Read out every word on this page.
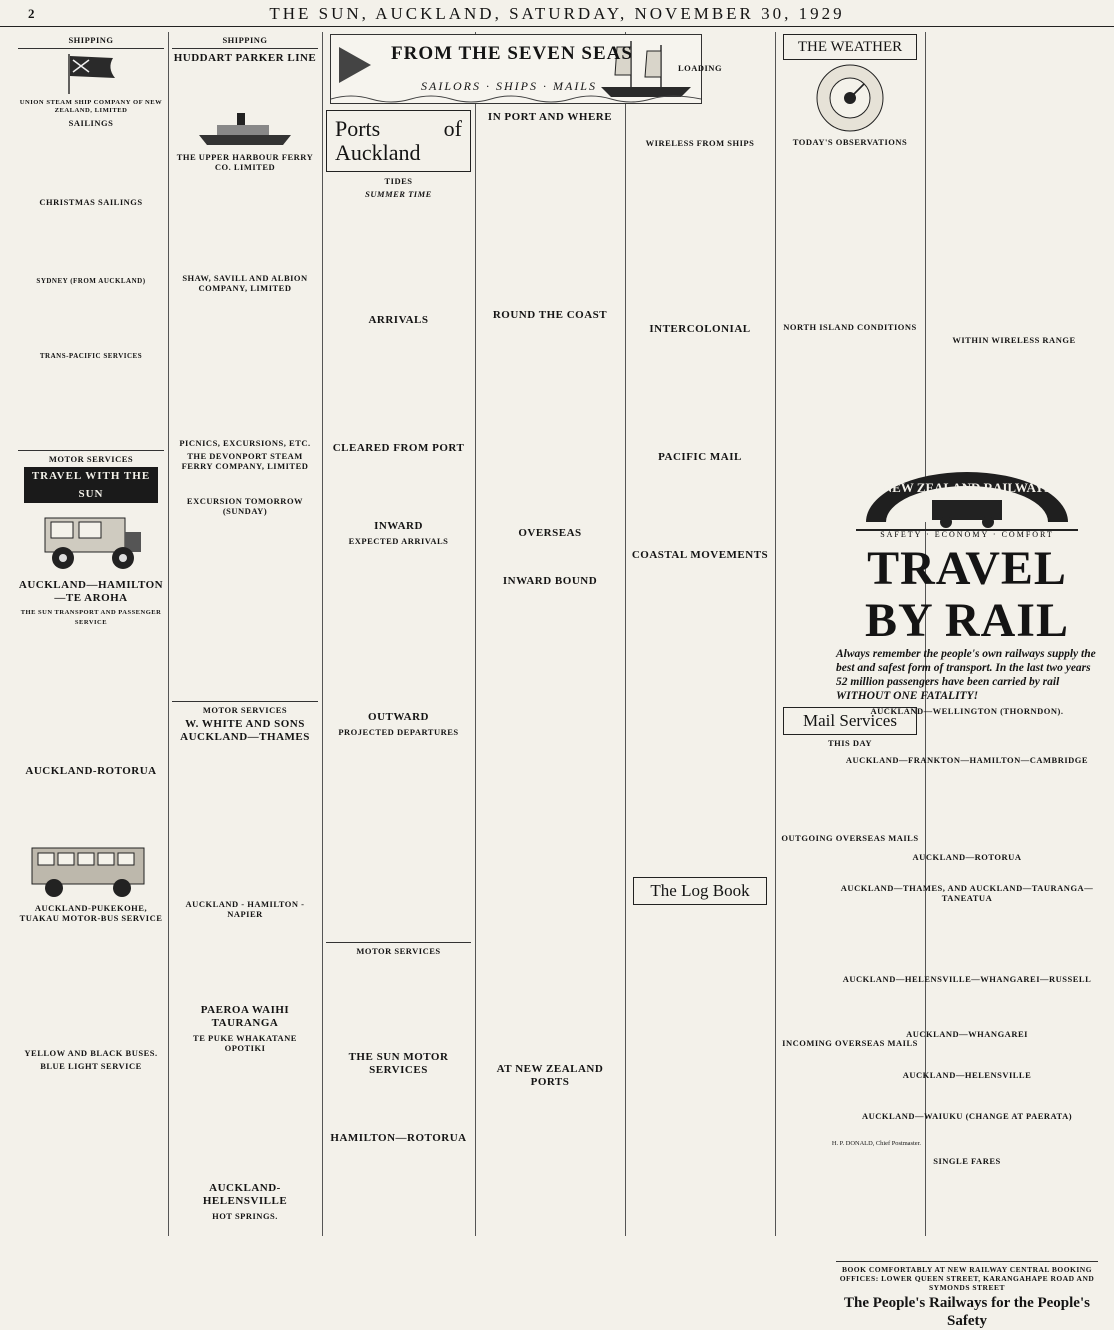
2	THE SUN, AUCKLAND, SATURDAY, NOVEMBER 30, 1929
SHIPPING
UNION STEAM SHIP COMPANY OF NEW ZEALAND, LIMITED
SAILINGS
CHRISTMAS SAILINGS
SYDNEY (FROM AUCKLAND)
TRANS-PACIFIC SERVICES
MOTOR SERVICES
TRAVEL WITH THE SUN
AUCKLAND—HAMILTON—TE AROHA
THE SUN TRANSPORT AND PASSENGER SERVICE
AUCKLAND-ROTORUA
AUCKLAND-PUKEKOHE, TUAKAU MOTOR-BUS SERVICE
YELLOW AND BLACK BUSES.
BLUE LIGHT SERVICE
SHIPPING
HUDDART PARKER LINE
THE UPPER HARBOUR FERRY CO. LIMITED
SHAW, SAVILL AND ALBION COMPANY, LIMITED
PICNICS, EXCURSIONS, ETC.
THE DEVONPORT STEAM FERRY COMPANY, LIMITED
EXCURSION TOMORROW (SUNDAY)
MOTOR SERVICES
W. WHITE AND SONS AUCKLAND—THAMES
AUCKLAND - HAMILTON - NAPIER
PAEROA WAIHI TAURANGA
TE PUKE WHAKATANE OPOTIKI
AUCKLAND-HELENSVILLE
HOT SPRINGS.
FROM THE SEVEN SEAS
SAILORS · SHIPS · MAILS
Ports of Auckland
TIDES
SUMMER TIME
ARRIVALS
CLEARED FROM PORT
INWARD
EXPECTED ARRIVALS
OUTWARD
PROJECTED DEPARTURES
MOTOR SERVICES
THE SUN MOTOR SERVICES
HAMILTON—ROTORUA
IN PORT AND WHERE
ROUND THE COAST
OVERSEAS
INWARD BOUND
AT NEW ZEALAND PORTS
LOADING
WIRELESS FROM SHIPS
INTERCOLONIAL
PACIFIC MAIL
COASTAL MOVEMENTS
The Log Book
THE WEATHER
TODAY'S OBSERVATIONS
NORTH ISLAND CONDITIONS
Mail Services
THIS DAY
OUTGOING OVERSEAS MAILS
INCOMING OVERSEAS MAILS
H. P. DONALD, Chief Postmaster.
WITHIN WIRELESS RANGE
NEW ZEALAND RAILWAYS
SAFETY · ECONOMY · COMFORT
TRAVEL BY RAIL
Always remember the people's own railways supply the best and safest form of transport. In the last two years 52 million passengers have been carried by rail WITHOUT ONE FATALITY!
AUCKLAND—WELLINGTON (THORNDON).
AUCKLAND—FRANKTON—HAMILTON—CAMBRIDGE
AUCKLAND—ROTORUA
AUCKLAND—THAMES, AND AUCKLAND—TAURANGA—TANEATUA
AUCKLAND—HELENSVILLE—WHANGAREI—RUSSELL
AUCKLAND—WHANGAREI
AUCKLAND—HELENSVILLE
AUCKLAND—WAIUKU (CHANGE AT PAERATA)
SINGLE FARES
BOOK COMFORTABLY AT NEW RAILWAY CENTRAL BOOKING OFFICES: LOWER QUEEN STREET, KARANGAHAPE ROAD AND SYMONDS STREET
The People's Railways for the People's Safety
